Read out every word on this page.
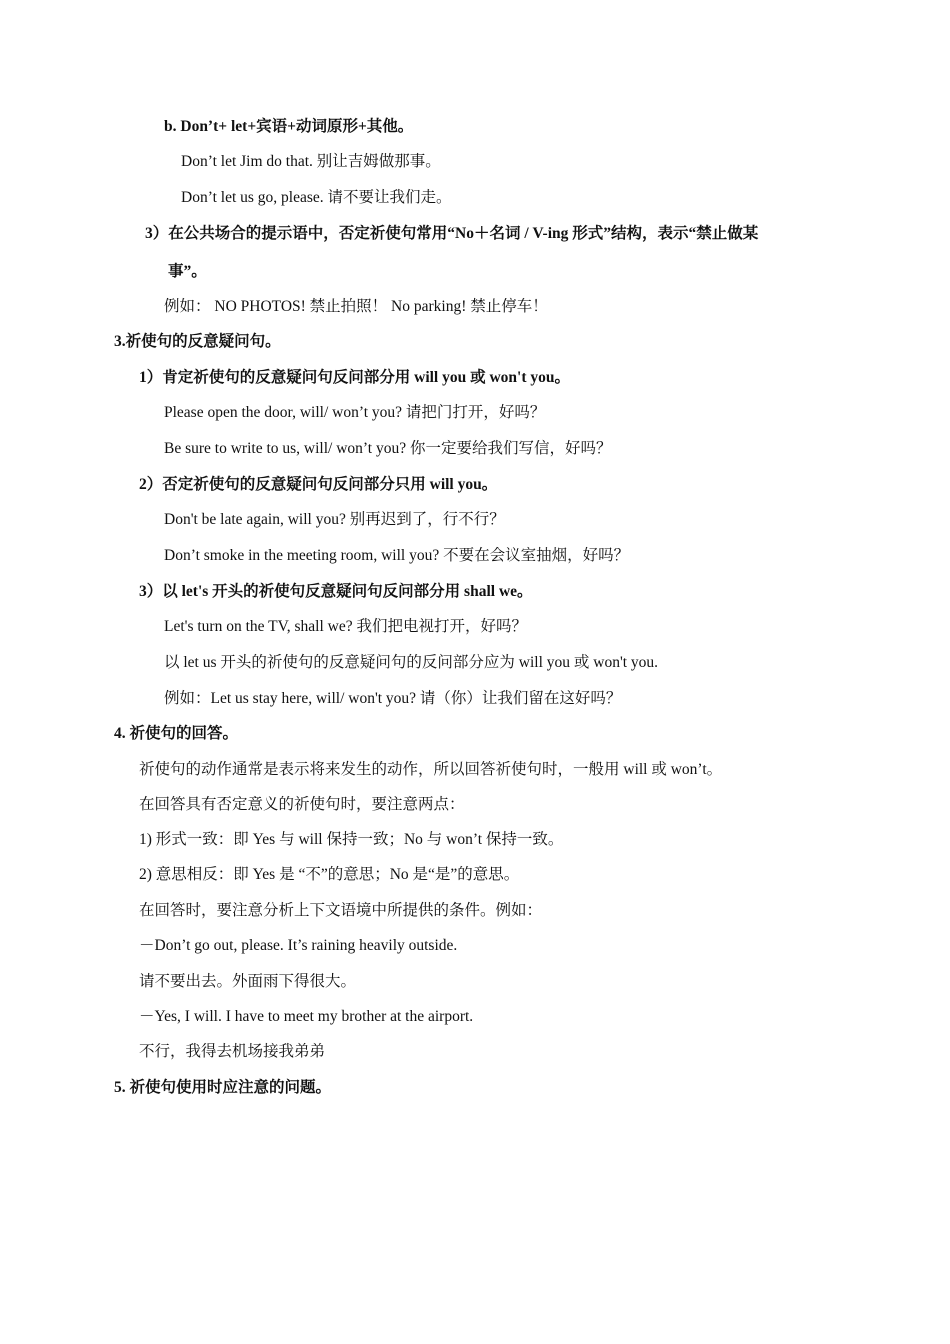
b. Don’t+ let+宾语+动词原形+其他。
Don’t let Jim do that. 别让吉姆做那事。
Don’t let us go, please. 请不要让我们走。
3）在公共场合的提示语中，否定祈使句常用“No＋名词 / V-ing 形式”结构，表示“禁止做某
事”。
例如： NO PHOTOS! 禁止拍照！ No parking! 禁止停车！
3.祈使句的反意疑问句。
1）肯定祈使句的反意疑问句反问部分用 will you 或 won't you。
Please open the door, will/ won’t you? 请把门打开，好吗？
Be sure to write to us, will/ won’t you? 你一定要给我们写信，好吗？
2）否定祈使句的反意疑问句反问部分只用 will you。
Don't be late again, will you? 别再迟到了，行不行？
Don’t smoke in the meeting room, will you? 不要在会议室抽烟，好吗？
3）以 let's 开头的祈使句反意疑问句反问部分用 shall we。
Let's turn on the TV, shall we? 我们把电视打开，好吗？
以 let us 开头的祈使句的反意疑问句的反问部分应为 will you 或 won't you.
例如：Let us stay here, will/ won't you? 请（你）让我们留在这好吗？
4. 祈使句的回答。
祈使句的动作通常是表示将来发生的动作，所以回答祈使句时，一般用 will 或 won’t。
在回答具有否定意义的祈使句时，要注意两点：
1) 形式一致：即 Yes 与 will 保持一致；No 与 won’t 保持一致。
2) 意思相反：即 Yes 是 “不”的意思；No 是“是”的意思。
在回答时，要注意分析上下文语境中所提供的条件。例如：
－Don’t go out, please. It’s raining heavily outside.
请不要出去。外面雨下得很大。
－Yes, I will. I have to meet my brother at the airport.
不行，我得去机场接我弟弟
5. 祈使句使用时应注意的问题。
